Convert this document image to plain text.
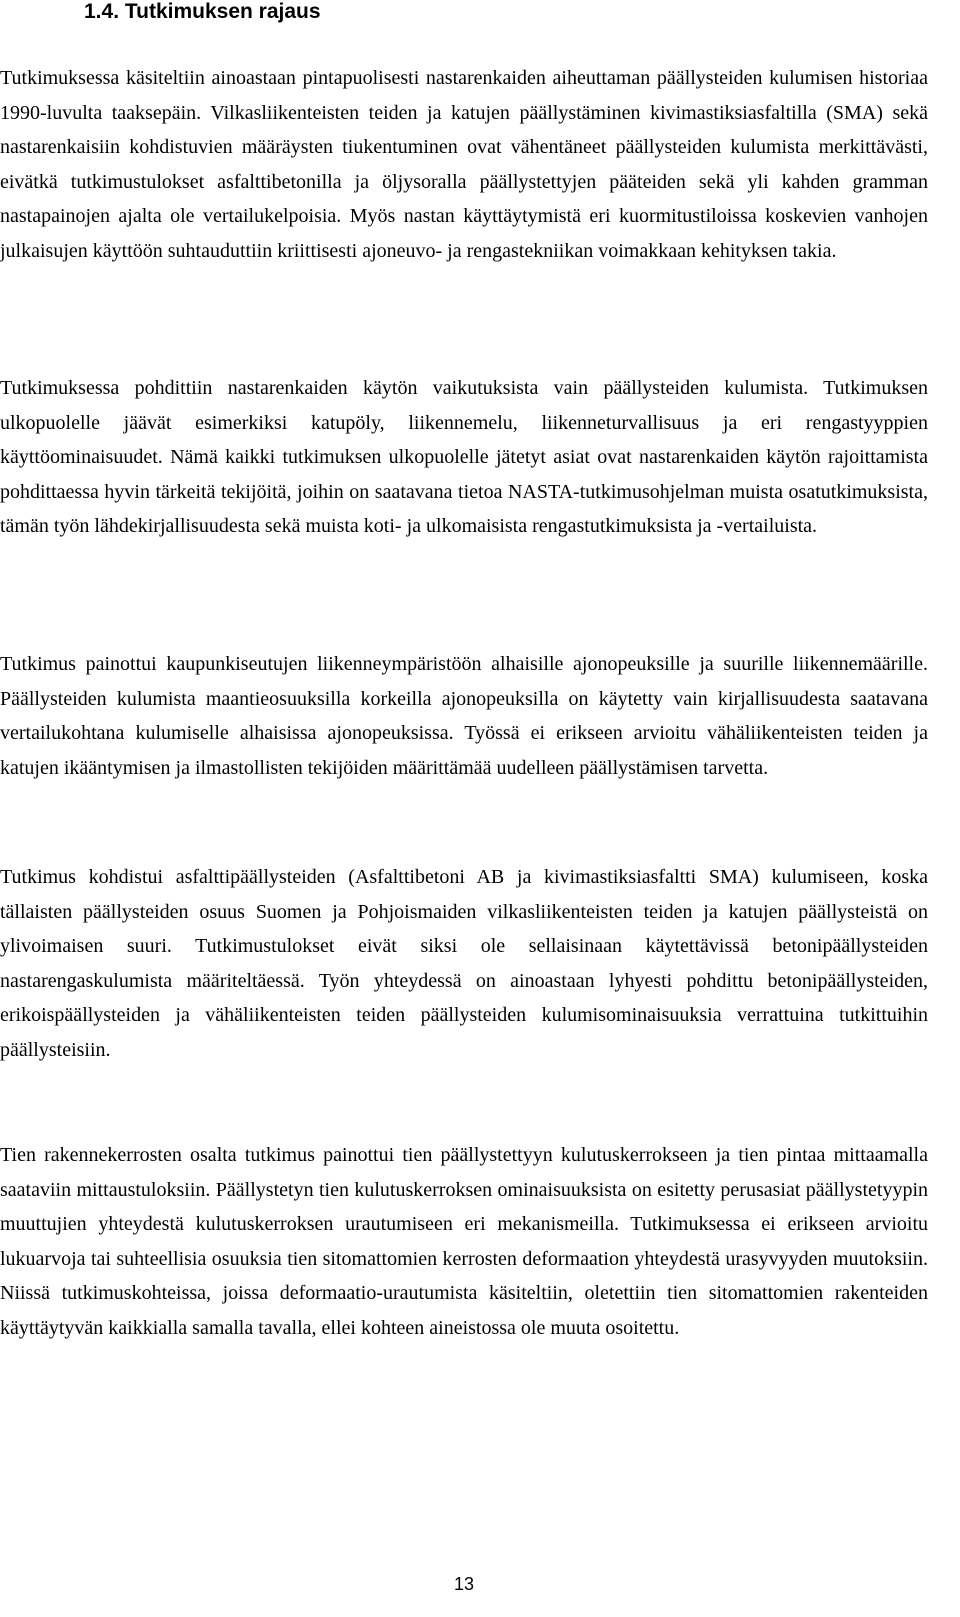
1.4. Tutkimuksen rajaus

Tutkimuksessa käsiteltiin ainoastaan pintapuolisesti nastarenkaiden aiheuttaman päällysteiden kulumisen historiaa 1990-luvulta taaksepäin. Vilkasliikenteisten teiden ja katujen päällystäminen kivimastiksiasfaltilla (SMA) sekä nastarenkaisiin kohdistuvien määräysten tiukentuminen ovat vähentäneet päällysteiden kulumista merkittävästi, eivätkä tutkimustulokset asfalttibetonilla ja öljysoralla päällystettyjen pääteiden sekä yli kahden gramman nastapainojen ajalta ole vertailukelpoisia. Myös nastan käyttäytymistä eri kuormitustiloissa koskevien vanhojen julkaisujen käyttöön suhtauduttiin kriittisesti ajoneuvo- ja rengastekniikan voimakkaan kehityksen takia.

Tutkimuksessa pohdittiin nastarenkaiden käytön vaikutuksista vain päällysteiden kulumista. Tutkimuksen ulkopuolelle jäävät esimerkiksi katupöly, liikennemelu, liikenneturvallisuus ja eri rengastyyppien käyttöominaisuudet. Nämä kaikki tutkimuksen ulkopuolelle jätetyt asiat ovat nastarenkaiden käytön rajoittamista pohdittaessa hyvin tärkeitä tekijöitä, joihin on saatavana tietoa NASTA-tutkimusohjelman muista osatutkimuksista, tämän työn lähdekirjallisuudesta sekä muista koti- ja ulkomaisista rengastutkimuksista ja -vertailuista.

Tutkimus painottui kaupunkiseutujen liikenneympäristöön alhaisille ajonopeuksille ja suurille liikennemäärille. Päällysteiden kulumista maantieosuuksilla korkeilla ajonopeuksilla on käytetty vain kirjallisuudesta saatavana vertailukohtana kulumiselle alhaisissa ajonopeuksissa. Työssä ei erikseen arvioitu vähäliikenteisten teiden ja katujen ikääntymisen ja ilmastollisten tekijöiden määrittämää uudelleen päällystämisen tarvetta.

Tutkimus kohdistui asfalttipäällysteiden (Asfalttibetoni AB ja kivimastiksiasfaltti SMA) kulumiseen, koska tällaisten päällysteiden osuus Suomen ja Pohjoismaiden vilkasliikenteisten teiden ja katujen päällysteistä on ylivoimaisen suuri. Tutkimustulokset eivät siksi ole sellaisinaan käytettävissä betonipäällysteiden nastarengaskulumista määriteltäessä. Työn yhteydessä on ainoastaan lyhyesti pohdittu betonipäällysteiden, erikoispäällysteiden ja vähäliikenteisten teiden päällysteiden kulumisominaisuuksia verrattuina tutkittuihin päällysteisiin.

Tien rakennekerrosten osalta tutkimus painottui tien päällystettyyn kulutuskerrokseen ja tien pintaa mittaamalla saataviin mittaustuloksiin. Päällystetyn tien kulutuskerroksen ominaisuuksista on esitetty perusasiat päällystetyypin muuttujien yhteydestä kulutuskerroksen urautumiseen eri mekanismeilla. Tutkimuksessa ei erikseen arvioitu lukuarvoja tai suhteellisia osuuksia tien sitomattomien kerrosten deformaation yhteydestä urasyvyyden muutoksiin. Niissä tutkimuskohteissa, joissa deformaatio-urautumista käsiteltiin, oletettiin tien sitomattomien rakenteiden käyttäytyvän kaikkialla samalla tavalla, ellei kohteen aineistossa ole muuta osoitettu.

13
